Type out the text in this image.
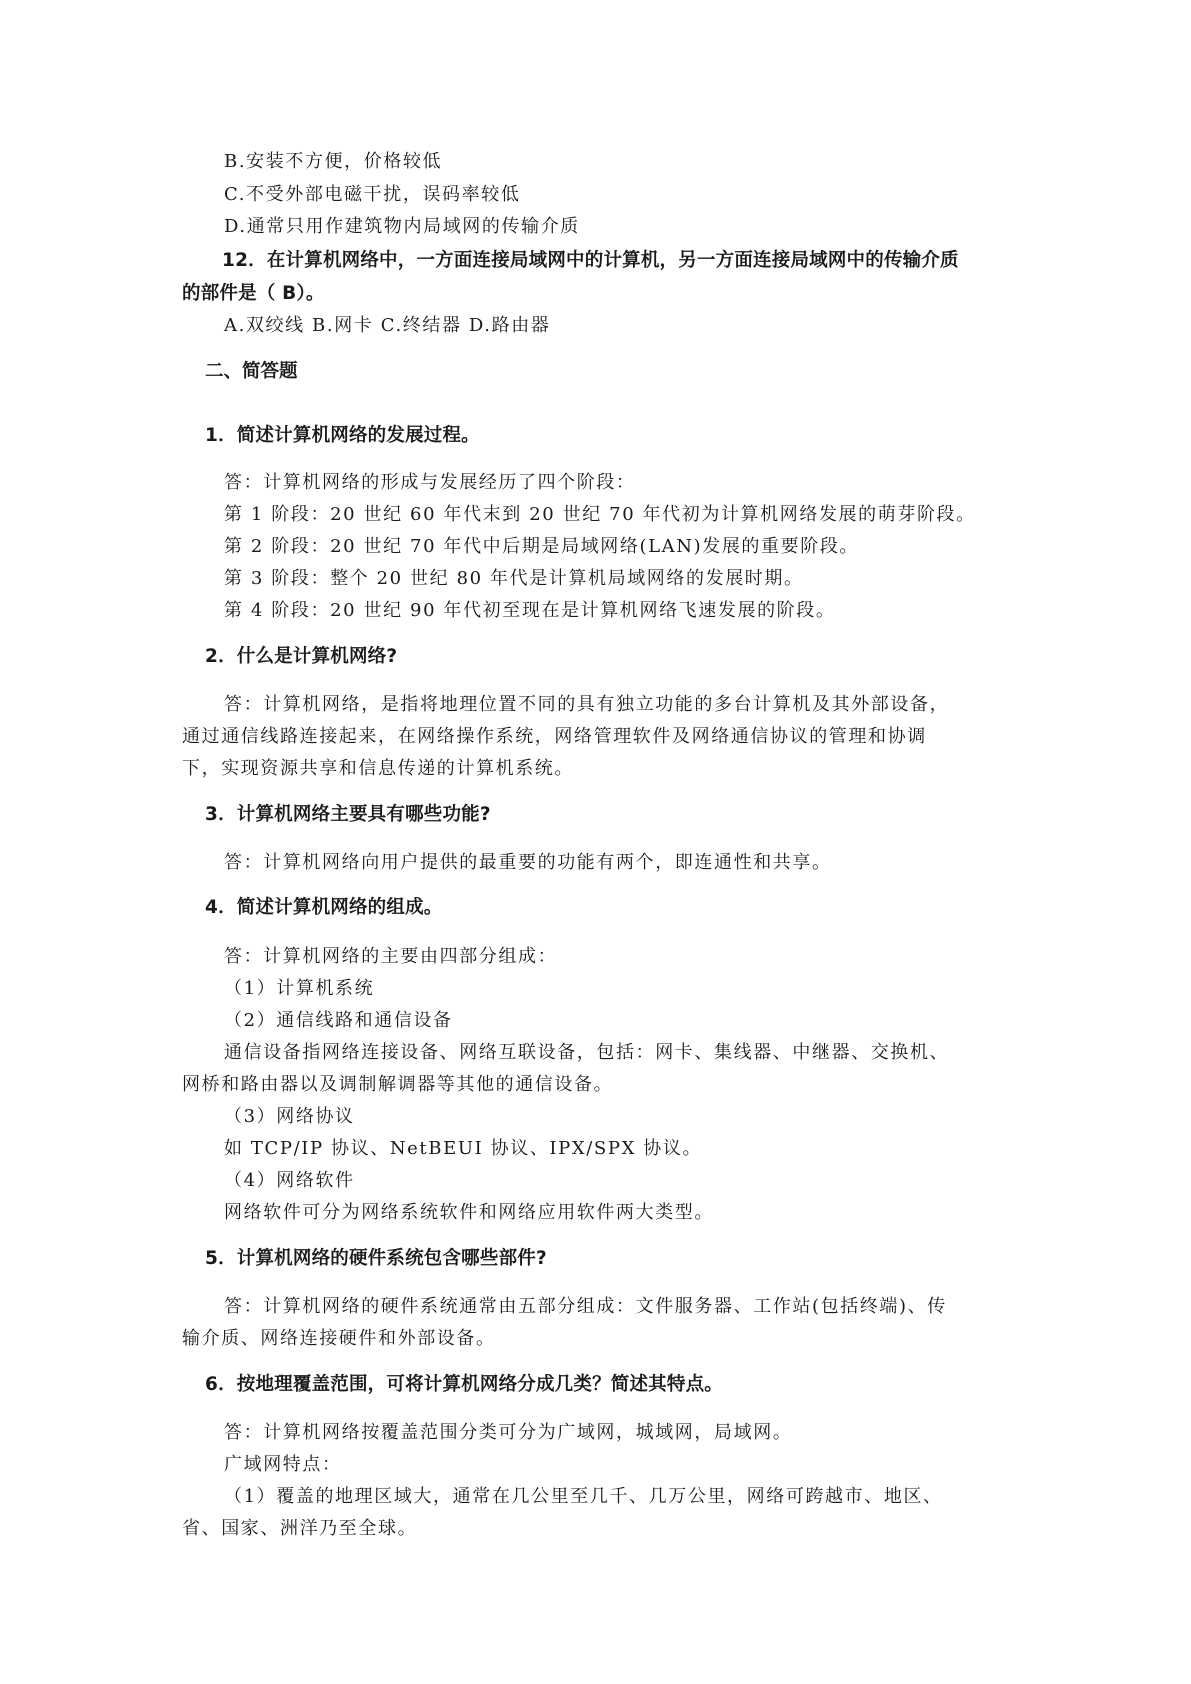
B.安装不方便，价格较低

C.不受外部电磁干扰，误码率较低

D.通常只用作建筑物内局域网的传输介质

12．在计算机网络中，一方面连接局域网中的计算机，另一方面连接局域网中的传输介质

的部件是（ B）。

A.双绞线 B.网卡 C.终结器 D.路由器

二、简答题

1．简述计算机网络的发展过程。

答：计算机网络的形成与发展经历了四个阶段：

第 1 阶段：20 世纪 60 年代末到 20 世纪 70 年代初为计算机网络发展的萌芽阶段。

第 2 阶段：20 世纪 70 年代中后期是局域网络(LAN)发展的重要阶段。

第 3 阶段：整个 20 世纪 80 年代是计算机局域网络的发展时期。

第 4 阶段：20 世纪 90 年代初至现在是计算机网络飞速发展的阶段。

2．什么是计算机网络?

答：计算机网络，是指将地理位置不同的具有独立功能的多台计算机及其外部设备，

通过通信线路连接起来，在网络操作系统，网络管理软件及网络通信协议的管理和协调

下，实现资源共享和信息传递的计算机系统。

3．计算机网络主要具有哪些功能?

答：计算机网络向用户提供的最重要的功能有两个，即连通性和共享。

4．简述计算机网络的组成。

答：计算机网络的主要由四部分组成：

（1）计算机系统

（2）通信线路和通信设备

通信设备指网络连接设备、网络互联设备，包括：网卡、集线器、中继器、交换机、

网桥和路由器以及调制解调器等其他的通信设备。

（3）网络协议

如 TCP/IP 协议、NetBEUI 协议、IPX/SPX 协议。

（4）网络软件

网络软件可分为网络系统软件和网络应用软件两大类型。

5．计算机网络的硬件系统包含哪些部件?

答：计算机网络的硬件系统通常由五部分组成：文件服务器、工作站(包括终端)、传

输介质、网络连接硬件和外部设备。

6．按地理覆盖范围，可将计算机网络分成几类？简述其特点。

答：计算机网络按覆盖范围分类可分为广域网，城域网，局域网。

广域网特点：

（1）覆盖的地理区域大，通常在几公里至几千、几万公里，网络可跨越市、地区、

省、国家、洲洋乃至全球。
